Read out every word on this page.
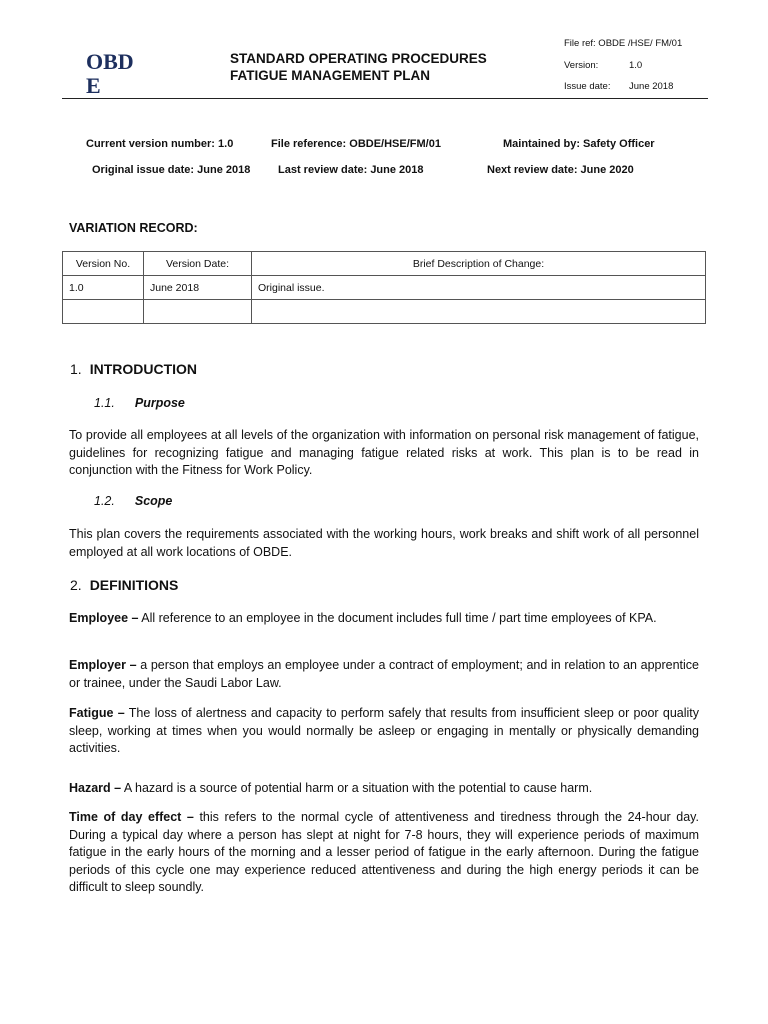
OBD
E
STANDARD OPERATING PROCEDURES
FATIGUE MANAGEMENT PLAN
File ref: OBDE /HSE/ FM/01
Version:	1.0
Issue date: June 2018
Current version number: 1.0	File reference: OBDE/HSE/FM/01	Maintained by: Safety Officer
Original issue date: June 2018	Last review date: June 2018	Next review date: June 2020
VARIATION RECORD:
Version No.	Version Date:	Brief Description of Change:
1.0	June 2018	Original issue.

1. INTRODUCTION
1.1. Purpose
To provide all employees at all levels of the organization with information on personal risk management of fatigue, guidelines for recognizing fatigue and managing fatigue related risks at work. This plan is to be read in conjunction with the Fitness for Work Policy.
1.2. Scope
This plan covers the requirements associated with the working hours, work breaks and shift work of all personnel employed at all work locations of OBDE.
2. DEFINITIONS
Employee – All reference to an employee in the document includes full time / part time employees of KPA.
Employer – a person that employs an employee under a contract of employment; and in relation to an apprentice or trainee, under the Saudi Labor Law.
Fatigue – The loss of alertness and capacity to perform safely that results from insufficient sleep or poor quality sleep, working at times when you would normally be asleep or engaging in mentally or physically demanding activities.
Hazard – A hazard is a source of potential harm or a situation with the potential to cause harm.
Time of day effect – this refers to the normal cycle of attentiveness and tiredness through the 24-hour day. During a typical day where a person has slept at night for 7-8 hours, they will experience periods of maximum fatigue in the early hours of the morning and a lesser period of fatigue in the early afternoon. During the fatigue periods of this cycle one may experience reduced attentiveness and during the high energy periods it can be difficult to sleep soundly.
